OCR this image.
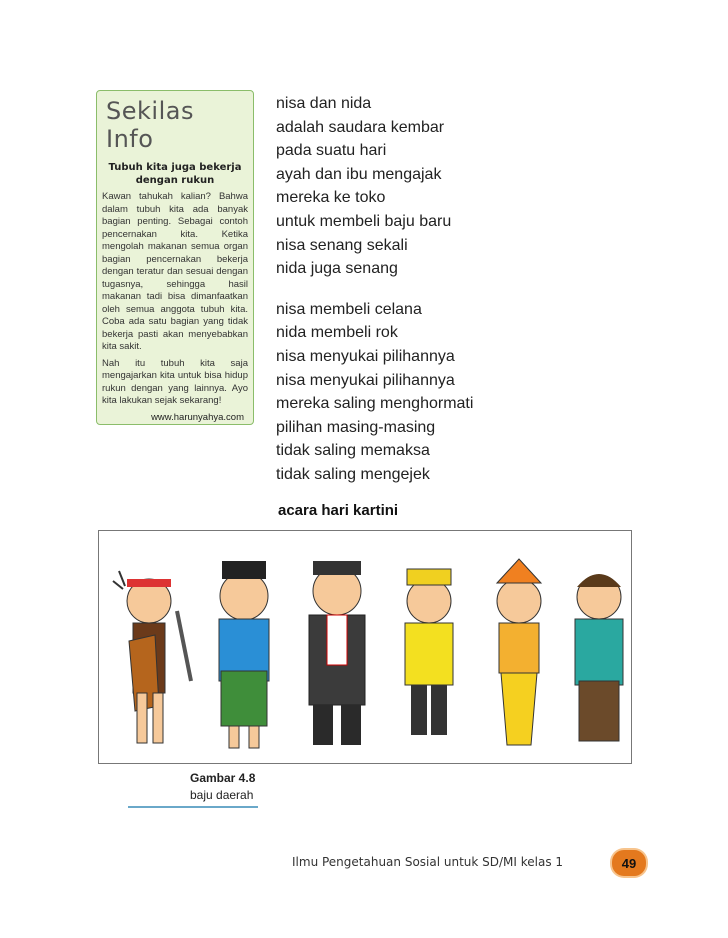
Sekilas Info
Tubuh kita juga bekerja
dengan rukun

Kawan tahukah kalian? Bahwa dalam tubuh kita ada banyak bagian penting. Sebagai contoh pencernakan kita. Ketika mengolah makanan semua organ bagian pencernakan bekerja dengan teratur dan sesuai dengan tugasnya, sehingga hasil makanan tadi bisa dimanfaatkan oleh semua anggota tubuh kita. Coba ada satu bagian yang tidak bekerja pasti akan menyebabkan kita sakit.

Nah itu tubuh kita saja mengajarkan kita untuk bisa hidup rukun dengan yang lainnya. Ayo kita lakukan sejak sekarang!

www.harunyahya.com
nisa dan nida
adalah saudara kembar
pada suatu hari
ayah dan ibu mengajak
mereka ke toko
untuk membeli baju baru
nisa senang sekali
nida juga senang
nisa membeli celana
nida membeli rok
nisa menyukai pilihannya
nisa menyukai pilihannya
mereka saling menghormati
pilihan masing-masing
tidak saling memaksa
tidak saling mengejek
acara hari kartini
Gambar 4.8
baju daerah
Ilmu Pengetahuan Sosial untuk SD/MI kelas 1	49
